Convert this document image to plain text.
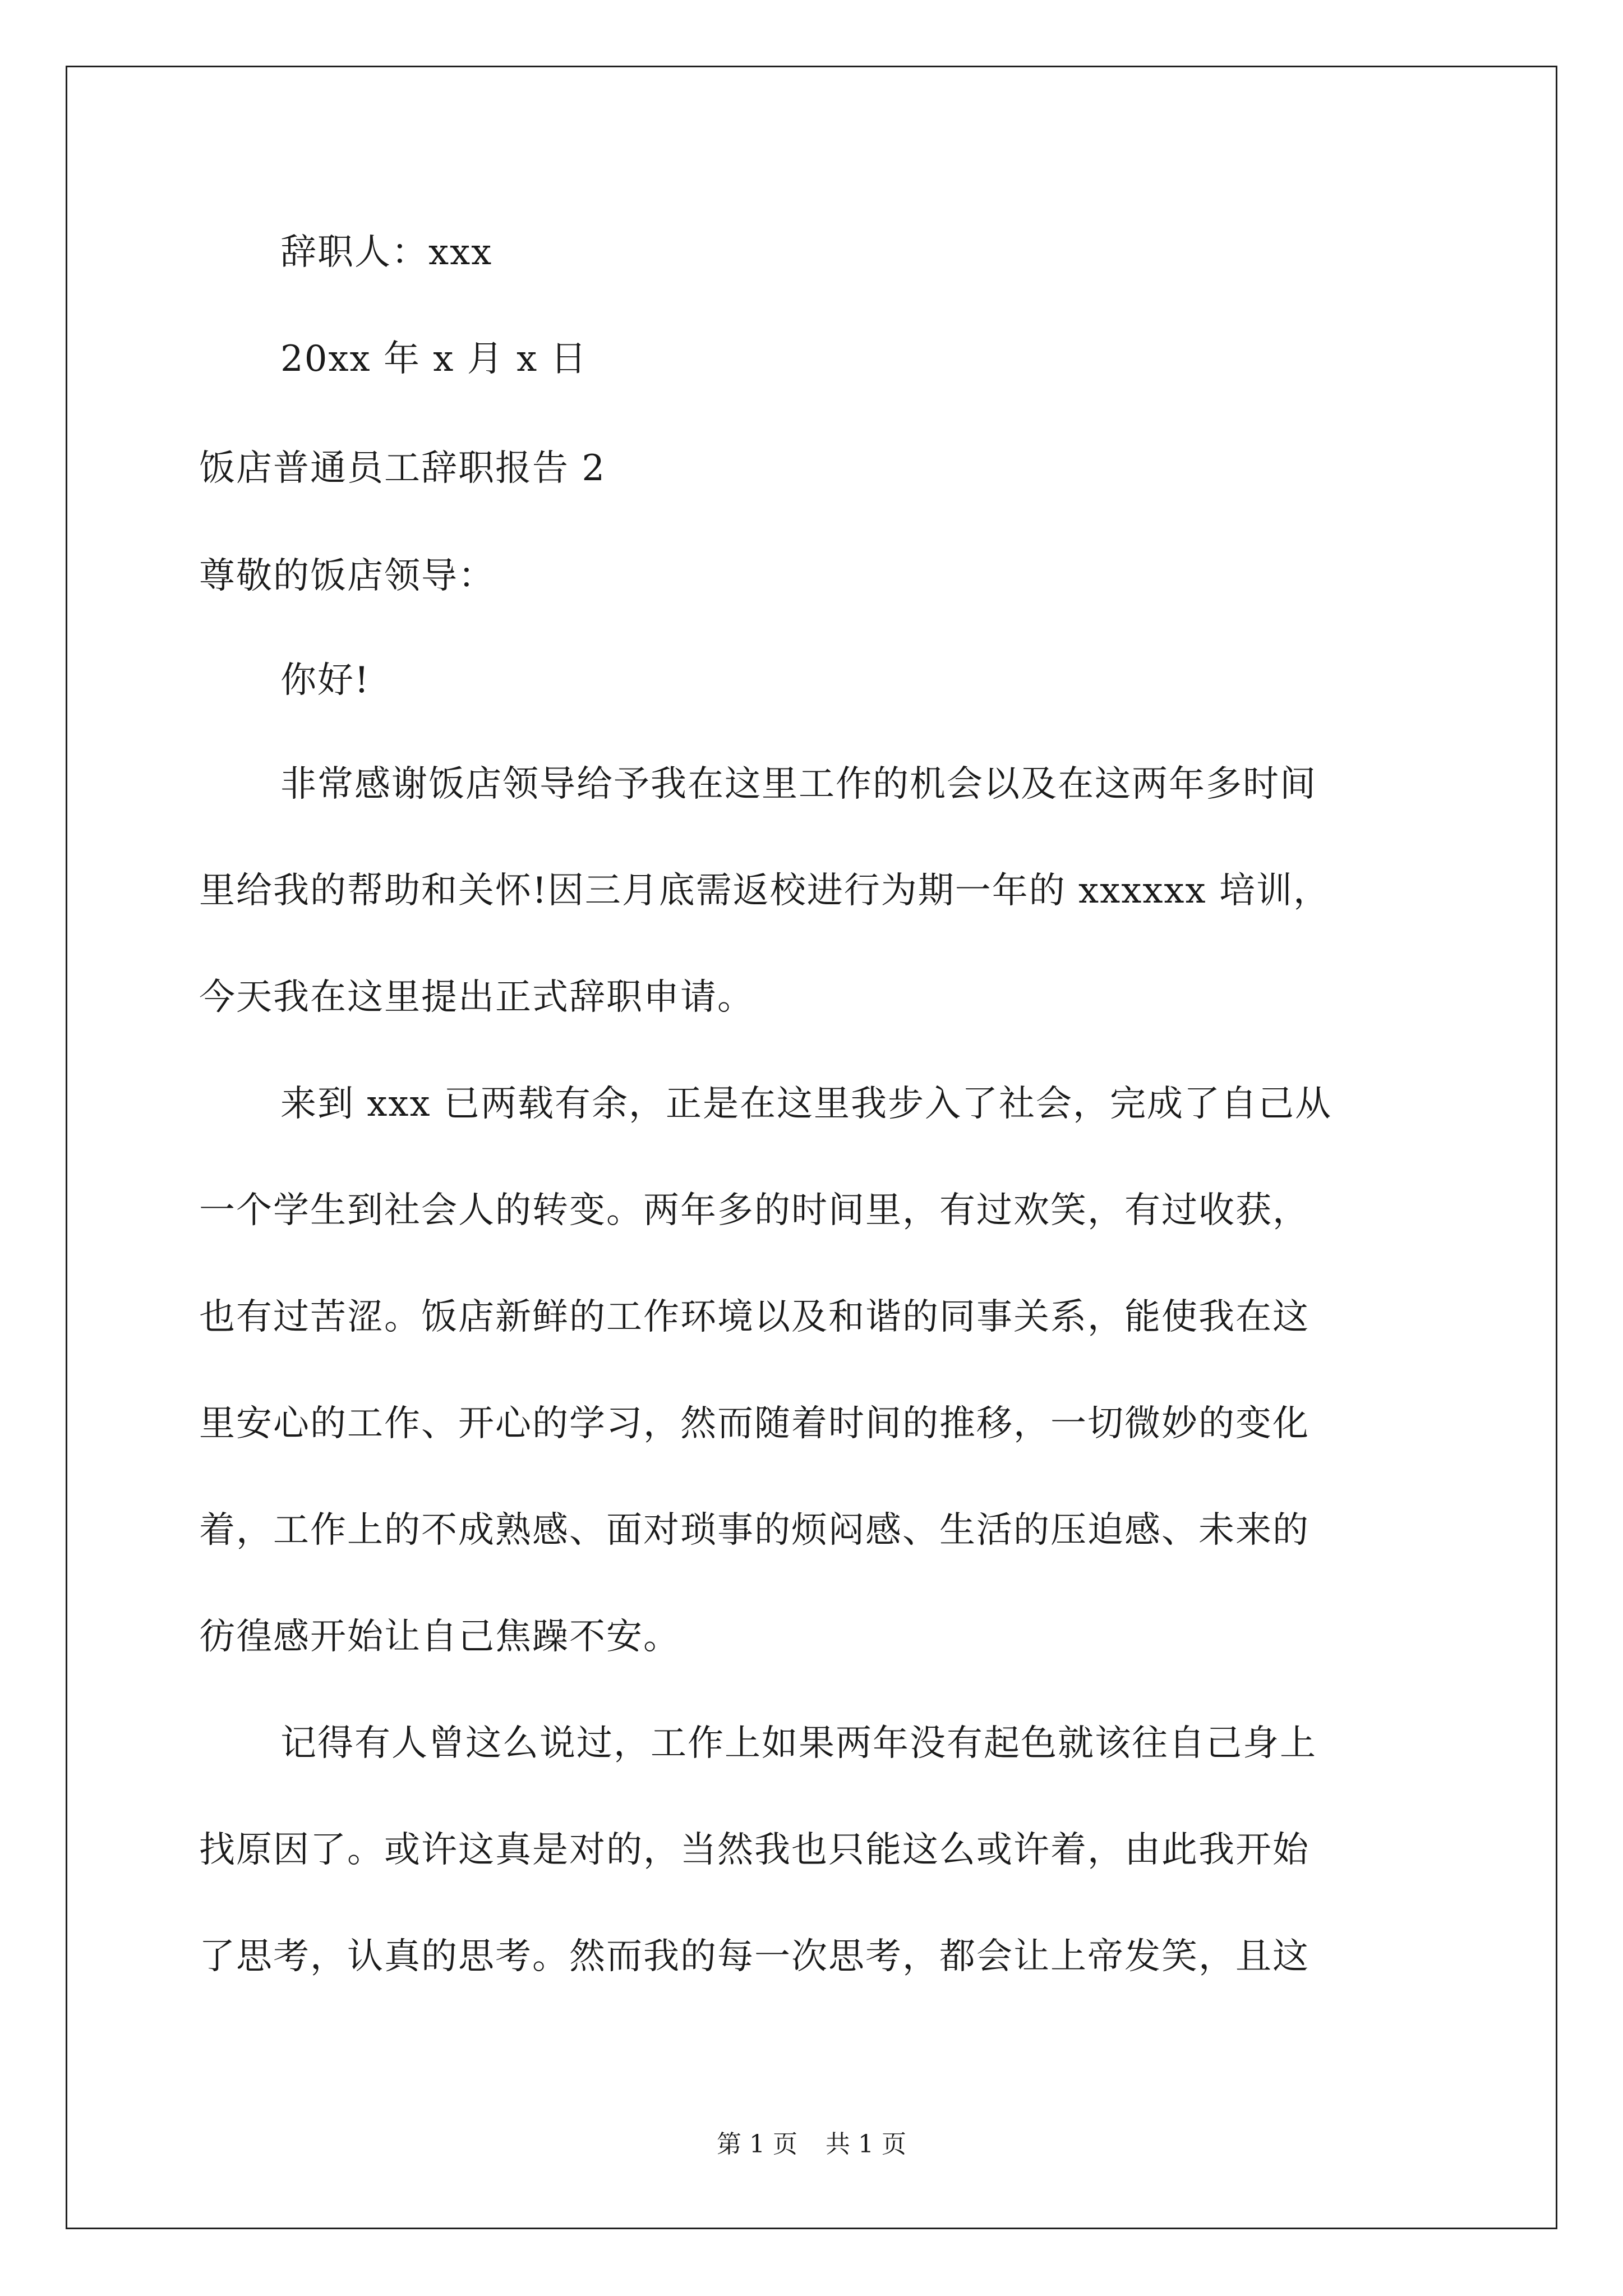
辞职人：xxx
20xx 年 x 月 x 日
饭店普通员工辞职报告 2
尊敬的饭店领导：
你好!
非常感谢饭店领导给予我在这里工作的机会以及在这两年多时间
里给我的帮助和关怀!因三月底需返校进行为期一年的 xxxxxx 培训，
今天我在这里提出正式辞职申请。
来到 xxx 已两载有余，正是在这里我步入了社会，完成了自己从
一个学生到社会人的转变。两年多的时间里，有过欢笑，有过收获，
也有过苦涩。饭店新鲜的工作环境以及和谐的同事关系，能使我在这
里安心的工作、开心的学习，然而随着时间的推移，一切微妙的变化
着，工作上的不成熟感、面对琐事的烦闷感、生活的压迫感、未来的
彷徨感开始让自己焦躁不安。
记得有人曾这么说过，工作上如果两年没有起色就该往自己身上
找原因了。或许这真是对的，当然我也只能这么或许着，由此我开始
了思考，认真的思考。然而我的每一次思考，都会让上帝发笑，且这
第 1 页 共 1 页
